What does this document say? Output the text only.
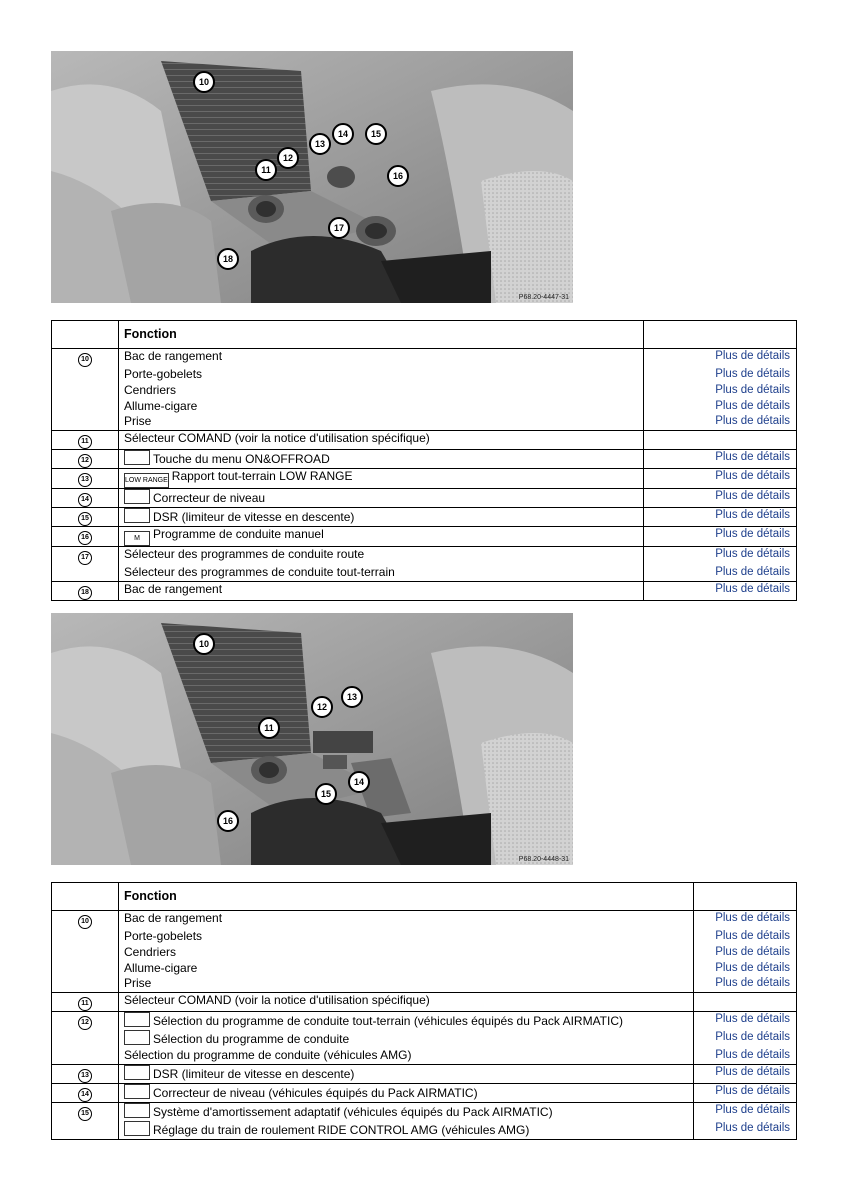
10
11
12
13
14	15
16
17
18
P68.20-4447-31
	Fonction	
10	Bac de rangement	Plus de détails
	Porte-gobelets	Plus de détails
	Cendriers	Plus de détails
	Allume-cigare	Plus de détails
	Prise	Plus de détails
11	Sélecteur COMAND (voir la notice d'utilisation spécifique)	
12	Touche du menu ON&OFFROAD	Plus de détails
13	LOW RANGE Rapport tout-terrain LOW RANGE	Plus de détails
14	Correcteur de niveau	Plus de détails
15	DSR (limiteur de vitesse en descente)	Plus de détails
16	M Programme de conduite manuel	Plus de détails
17	Sélecteur des programmes de conduite route	Plus de détails
	Sélecteur des programmes de conduite tout-terrain	Plus de détails
18	Bac de rangement	Plus de détails
10
11
12
13
14
15
16
P68.20-4448-31
	Fonction	
10	Bac de rangement	Plus de détails
	Porte-gobelets	Plus de détails
	Cendriers	Plus de détails
	Allume-cigare	Plus de détails
	Prise	Plus de détails
11	Sélecteur COMAND (voir la notice d'utilisation spécifique)	
12	Sélection du programme de conduite tout-terrain (véhicules équipés du Pack AIRMATIC)	Plus de détails
	Sélection du programme de conduite	Plus de détails
	Sélection du programme de conduite (véhicules AMG)	Plus de détails
13	DSR (limiteur de vitesse en descente)	Plus de détails
14	Correcteur de niveau (véhicules équipés du Pack AIRMATIC)	Plus de détails
15	Système d'amortissement adaptatif (véhicules équipés du Pack AIRMATIC)	Plus de détails
	Réglage du train de roulement RIDE CONTROL AMG (véhicules AMG)	Plus de détails
